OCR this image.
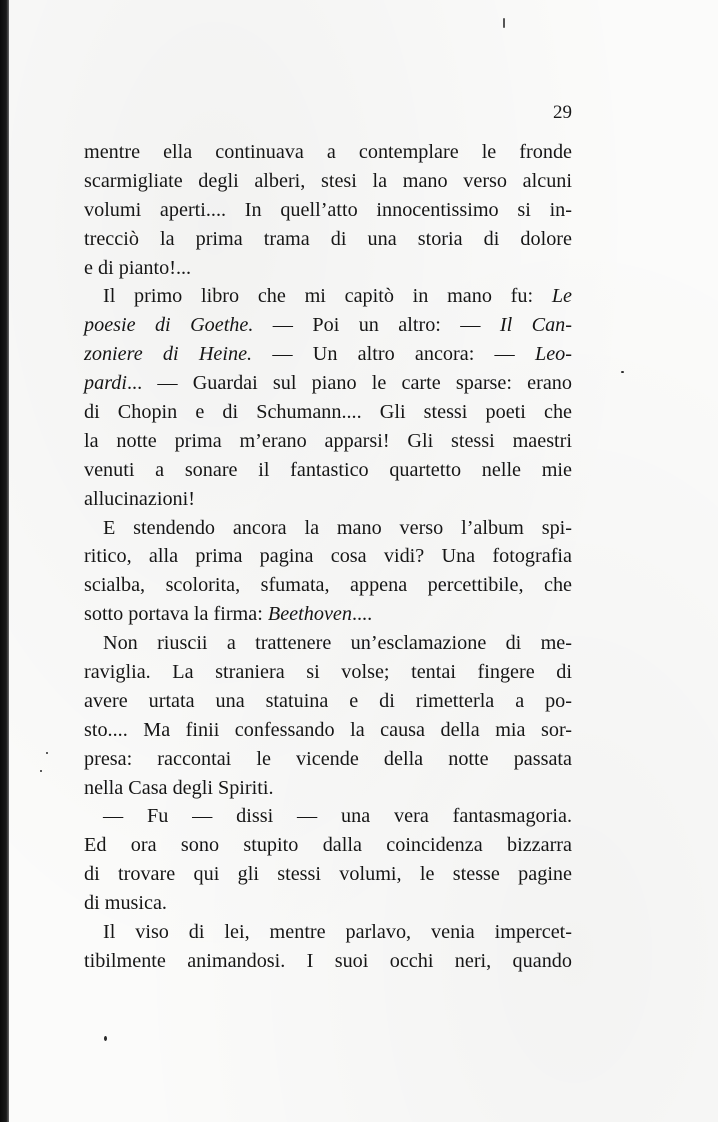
29
mentre ella continuava a contemplare le fronde
scarmigliate degli alberi, stesi la mano verso alcuni
volumi aperti.... In quell’atto innocentissimo si in-
trecciò la prima trama di una storia di dolore
e di pianto!...
Il primo libro che mi capitò in mano fu: Le
poesie di Goethe. — Poi un altro: — Il Can-
zoniere di Heine. — Un altro ancora: — Leo-
pardi... — Guardai sul piano le carte sparse: erano
di Chopin e di Schumann.... Gli stessi poeti che
la notte prima m’erano apparsi! Gli stessi maestri
venuti a sonare il fantastico quartetto nelle mie
allucinazioni!
E stendendo ancora la mano verso l’album spi-
ritico, alla prima pagina cosa vidi? Una fotografia
scialba, scolorita, sfumata, appena percettibile, che
sotto portava la firma: Beethoven....
Non riuscii a trattenere un’esclamazione di me-
raviglia. La straniera si volse; tentai fingere di
avere urtata una statuina e di rimetterla a po-
sto.... Ma finii confessando la causa della mia sor-
presa: raccontai le vicende della notte passata
nella Casa degli Spiriti.
— Fu — dissi — una vera fantasmagoria.
Ed ora sono stupito dalla coincidenza bizzarra
di trovare qui gli stessi volumi, le stesse pagine
di musica.
Il viso di lei, mentre parlavo, venia impercet-
tibilmente animandosi. I suoi occhi neri, quando
